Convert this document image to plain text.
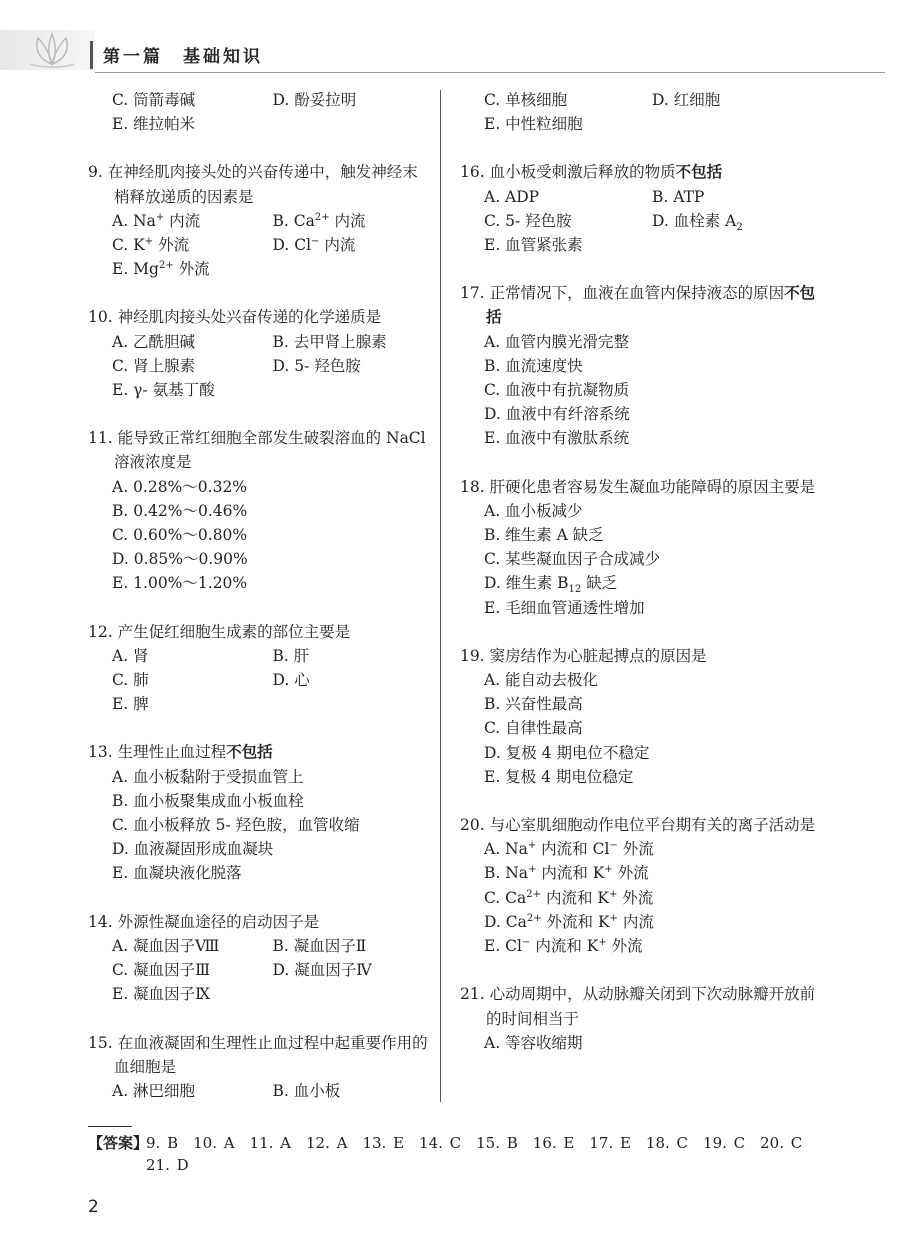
第一篇　基础知识
C. 筒箭毒碱	D. 酚妥拉明
E. 维拉帕米
9. 在神经肌肉接头处的兴奋传递中，触发神经末梢释放递质的因素是
A. Na+ 内流	B. $Ca^{2+}$ 内流
C. K+ 外流	D. Cl− 内流
E. $Mg^{2+}$ 外流
10. 神经肌肉接头处兴奋传递的化学递质是
A. 乙酰胆碱	B. 去甲肾上腺素
C. 肾上腺素	D. 5- 羟色胺
E. γ- 氨基丁酸
11. 能导致正常红细胞全部发生破裂溶血的 NaCl 溶液浓度是
A. 0.28%～0.32%
B. 0.42%～0.46%
C. 0.60%～0.80%
D. 0.85%～0.90%
E. 1.00%～1.20%
12. 产生促红细胞生成素的部位主要是
A. 肾	B. 肝
C. 肺	D. 心
E. 脾
13. 生理性止血过程不包括
A. 血小板黏附于受损血管上
B. 血小板聚集成血小板血栓
C. 血小板释放 5- 羟色胺，血管收缩
D. 血液凝固形成血凝块
E. 血凝块液化脱落
14. 外源性凝血途径的启动因子是
A. 凝血因子Ⅷ	B. 凝血因子Ⅱ
C. 凝血因子Ⅲ	D. 凝血因子Ⅳ
E. 凝血因子Ⅸ
15. 在血液凝固和生理性止血过程中起重要作用的血细胞是
A. 淋巴细胞	B. 血小板
C. 单核细胞	D. 红细胞
E. 中性粒细胞
16. 血小板受刺激后释放的物质不包括
A. ADP	B. ATP
C. 5- 羟色胺	D. 血栓素 $A_2$
E. 血管紧张素
17. 正常情况下，血液在血管内保持液态的原因不包括
A. 血管内膜光滑完整
B. 血流速度快
C. 血液中有抗凝物质
D. 血液中有纤溶系统
E. 血液中有激肽系统
18. 肝硬化患者容易发生凝血功能障碍的原因主要是
A. 血小板减少
B. 维生素 A 缺乏
C. 某些凝血因子合成减少
D. 维生素 $B_{12}$ 缺乏
E. 毛细血管通透性增加
19. 窦房结作为心脏起搏点的原因是
A. 能自动去极化
B. 兴奋性最高
C. 自律性最高
D. 复极 4 期电位不稳定
E. 复极 4 期电位稳定
20. 与心室肌细胞动作电位平台期有关的离子活动是
A. Na+ 内流和 Cl− 外流
B. Na+ 内流和 K+ 外流
C. $Ca^{2+}$ 内流和 K+ 外流
D. $Ca^{2+}$ 外流和 K+ 内流
E. Cl− 内流和 K+ 外流
21. 心动周期中，从动脉瓣关闭到下次动脉瓣开放前的时间相当于
A. 等容收缩期
【答案】
9. B　10. A　11. A　12. A　13. E　14. C　15. B　16. E　17. E　18. C　19. C　20. C　21. D
2
